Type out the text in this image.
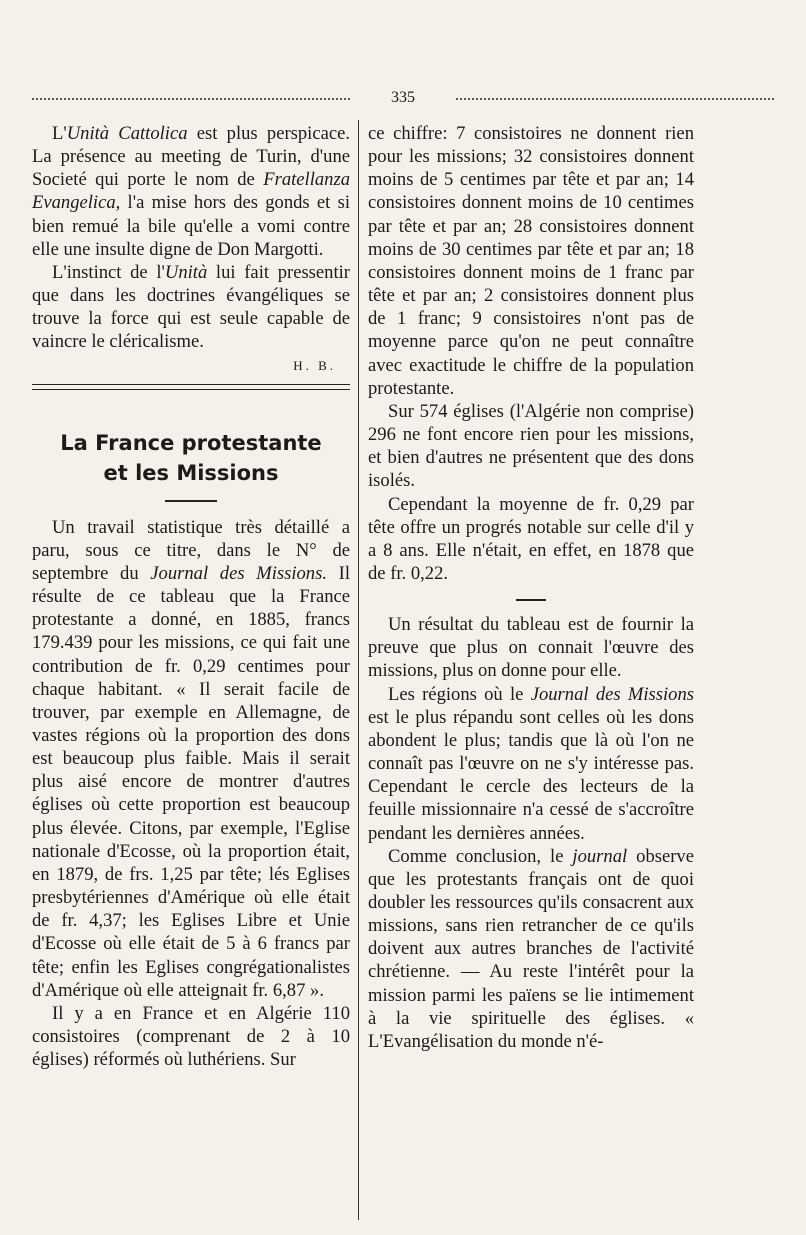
335

L'Unità Cattolica est plus perspicace. La présence au meeting de Turin, d'une Societé qui porte le nom de Fratellanza Evangelica, l'a mise hors des gonds et si bien remué la bile qu'elle a vomi contre elle une insulte digne de Don Margotti.

L'instinct de l'Unità lui fait pressentir que dans les doctrines évangéliques se trouve la force qui est seule capable de vaincre le cléricalisme.

H. B.
La France protestante
et les Missions

Un travail statistique très détaillé a paru, sous ce titre, dans le N° de septembre du Journal des Missions. Il résulte de ce tableau que la France protestante a donné, en 1885, francs 179.439 pour les missions, ce qui fait une contribution de fr. 0,29 centimes pour chaque habitant. « Il serait facile de trouver, par exemple en Allemagne, de vastes régions où la proportion des dons est beaucoup plus faible. Mais il serait plus aisé encore de montrer d'autres églises où cette proportion est beaucoup plus élevée. Citons, par exemple, l'Eglise nationale d'Ecosse, où la proportion était, en 1879, de frs. 1,25 par tête; lés Eglises presbytériennes d'Amérique où elle était de fr. 4,37; les Eglises Libre et Unie d'Ecosse où elle était de 5 à 6 francs par tête; enfin les Eglises congrégationalistes d'Amérique où elle atteignait fr. 6,87 ».

Il y a en France et en Algérie 110 consistoires (comprenant de 2 à 10 églises) réformés où luthériens. Sur

ce chiffre: 7 consistoires ne donnent rien pour les missions; 32 consistoires donnent moins de 5 centimes par tête et par an; 14 consistoires donnent moins de 10 centimes par tête et par an; 28 consistoires donnent moins de 30 centimes par tête et par an; 18 consistoires donnent moins de 1 franc par tête et par an; 2 consistoires donnent plus de 1 franc; 9 consistoires n'ont pas de moyenne parce qu'on ne peut connaître avec exactitude le chiffre de la population protestante.

Sur 574 églises (l'Algérie non comprise) 296 ne font encore rien pour les missions, et bien d'autres ne présentent que des dons isolés.

Cependant la moyenne de fr. 0,29 par tête offre un progrés notable sur celle d'il y a 8 ans. Elle n'était, en effet, en 1878 que de fr. 0,22.

Un résultat du tableau est de fournir la preuve que plus on connait l'œuvre des missions, plus on donne pour elle.

Les régions où le Journal des Missions est le plus répandu sont celles où les dons abondent le plus; tandis que là où l'on ne connaît pas l'œuvre on ne s'y intéresse pas. Cependant le cercle des lecteurs de la feuille missionnaire n'a cessé de s'accroître pendant les dernières années.

Comme conclusion, le journal observe que les protestants français ont de quoi doubler les ressources qu'ils consacrent aux missions, sans rien retrancher de ce qu'ils doivent aux autres branches de l'activité chrétienne. — Au reste l'intérêt pour la mission parmi les païens se lie intimement à la vie spirituelle des églises. « L'Evangélisation du monde n'é-
